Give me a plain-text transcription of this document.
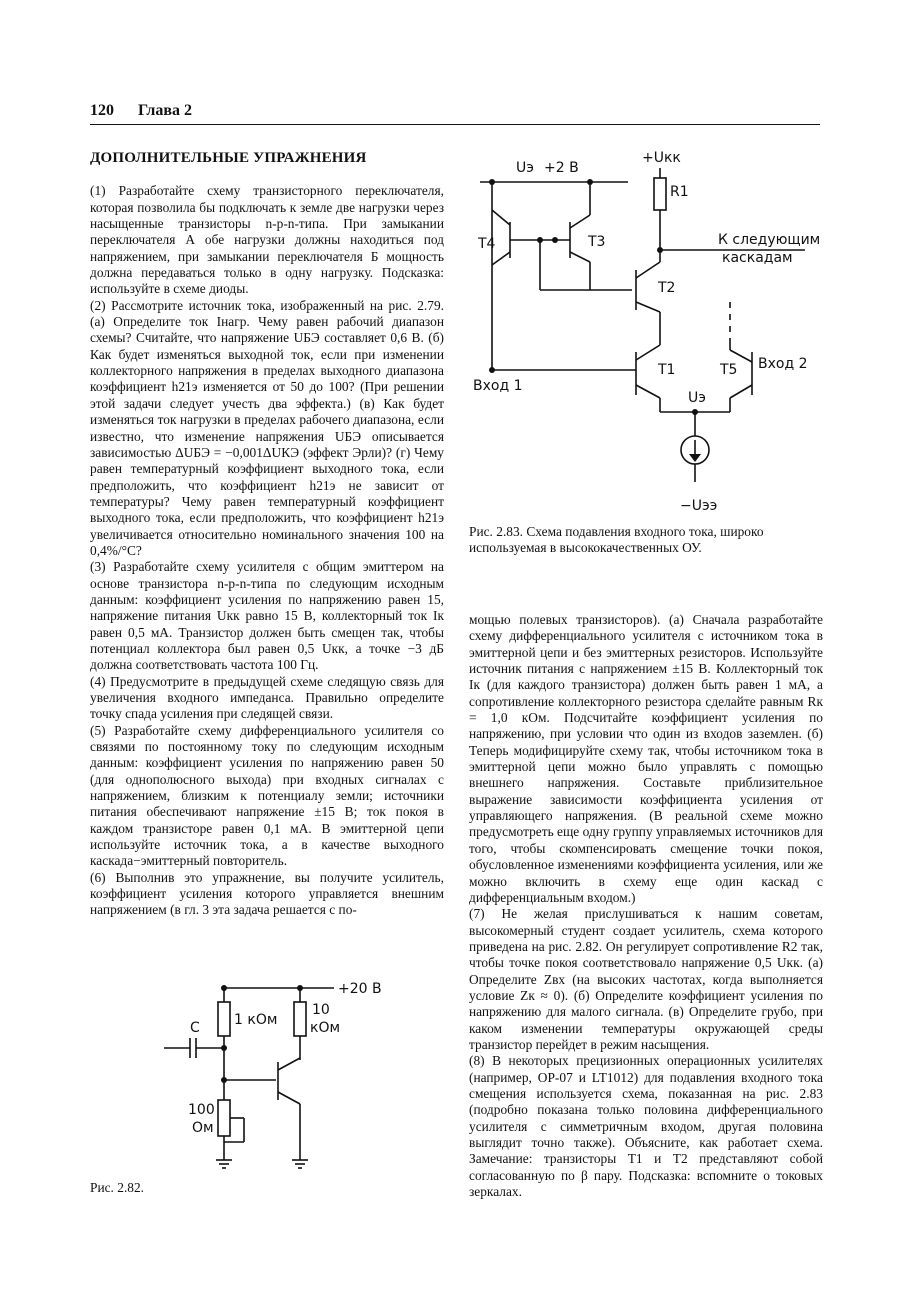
120 Глава 2

ДОПОЛНИТЕЛЬНЫЕ УПРАЖНЕНИЯ

(1) Разработайте схему транзисторного переключателя, которая позволила бы подключать к земле две нагрузки через насыщенные транзисторы n-p-n-типа. При замыкании переключателя А обе нагрузки должны находиться под напряжением, при замыкании переключателя Б мощность должна передаваться только в одну нагрузку. Подсказка: используйте в схеме диоды.

(2) Рассмотрите источник тока, изображенный на рис. 2.79. (а) Определите ток Iнагр. Чему равен рабочий диапазон схемы? Считайте, что напряжение UБЭ составляет 0,6 В. (б) Как будет изменяться выходной ток, если при изменении коллекторного напряжения в пределах выходного диапазона коэффициент h21э изменяется от 50 до 100? (При решении этой задачи следует учесть два эффекта.) (в) Как будет изменяться ток нагрузки в пределах рабочего диапазона, если известно, что изменение напряжения UБЭ описывается зависимостью ΔUБЭ = −0,001ΔUКЭ (эффект Эрли)? (г) Чему равен температурный коэффициент выходного тока, если предположить, что коэффициент h21э не зависит от температуры? Чему равен температурный коэффициент выходного тока, если предположить, что коэффициент h21э увеличивается относительно номинального значения 100 на 0,4%/°С?

(3) Разработайте схему усилителя с общим эмиттером на основе транзистора n-p-n-типа по следующим исходным данным: коэффициент усиления по напряжению равен 15, напряжение питания Uкк равно 15 В, коллекторный ток Iк равен 0,5 мА. Транзистор должен быть смещен так, чтобы потенциал коллектора был равен 0,5 Uкк, а точке −3 дБ должна соответствовать частота 100 Гц.

(4) Предусмотрите в предыдущей схеме следящую связь для увеличения входного импеданса. Правильно определите точку спада усиления при следящей связи.

(5) Разработайте схему дифференциального усилителя со связями по постоянному току по следующим исходным данным: коэффициент усиления по напряжению равен 50 (для однополюсного выхода) при входных сигналах с напряжением, близким к потенциалу земли; источники питания обеспечивают напряжение ±15 В; ток покоя в каждом транзисторе равен 0,1 мА. В эмиттерной цепи используйте источник тока, а в качестве выходного каскада−эмиттерный повторитель.

(6) Выполнив это упражнение, вы получите усилитель, коэффициент усиления которого управляется внешним напряжением (в гл. 3 эта задача решается с по-

мощью полевых транзисторов). (а) Сначала разработайте схему дифференциального усилителя с источником тока в эмиттерной цепи и без эмиттерных резисторов. Используйте источник питания с напряжением ±15 В. Коллекторный ток Iк (для каждого транзистора) должен быть равен 1 мА, а сопротивление коллекторного резистора сделайте равным Rк = 1,0 кОм. Подсчитайте коэффициент усиления по напряжению, при условии что один из входов заземлен. (б) Теперь модифицируйте схему так, чтобы источником тока в эмиттерной цепи можно было управлять с помощью внешнего напряжения. Составьте приблизительное выражение зависимости коэффициента усиления от управляющего напряжения. (В реальной схеме можно предусмотреть еще одну группу управляемых источников для того, чтобы скомпенсировать смещение точки покоя, обусловленное изменениями коэффициента усиления, или же можно включить в схему еще один каскад с дифференциальным входом.)

(7) Не желая прислушиваться к нашим советам, высокомерный студент создает усилитель, схема которого приведена на рис. 2.82. Он регулирует сопротивление R2 так, чтобы точке покоя соответствовало напряжение 0,5 Uкк. (а) Определите Zвх (на высоких частотах, когда выполняется условие Zк ≈ 0). (б) Определите коэффициент усиления по напряжению для малого сигнала. (в) Определите грубо, при каком изменении температуры окружающей среды транзистор перейдет в режим насыщения.

(8) В некоторых прецизионных операционных усилителях (например, ОР-07 и LT1012) для подавления входного тока смещения используется схема, показанная на рис. 2.83 (подробно показана только половина дифференциального усилителя с симметричным входом, другая половина выглядит точно также). Объясните, как работает схема. Замечание: транзисторы T1 и T2 представляют собой согласованную по β пару. Подсказка: вспомните о токовых зеркалах.

Uэ +2 В
+Uкк
R1
К следующим
каскадам
T4	T3
T2
T1
Вход 1
T5 Вход 2
Uэ
−Uээ
Рис. 2.83. Схема подавления входного тока, широко используемая в высококачественных ОУ.
+20 В
1 кОм
10
кОм
C
100
Ом
Рис. 2.82.
